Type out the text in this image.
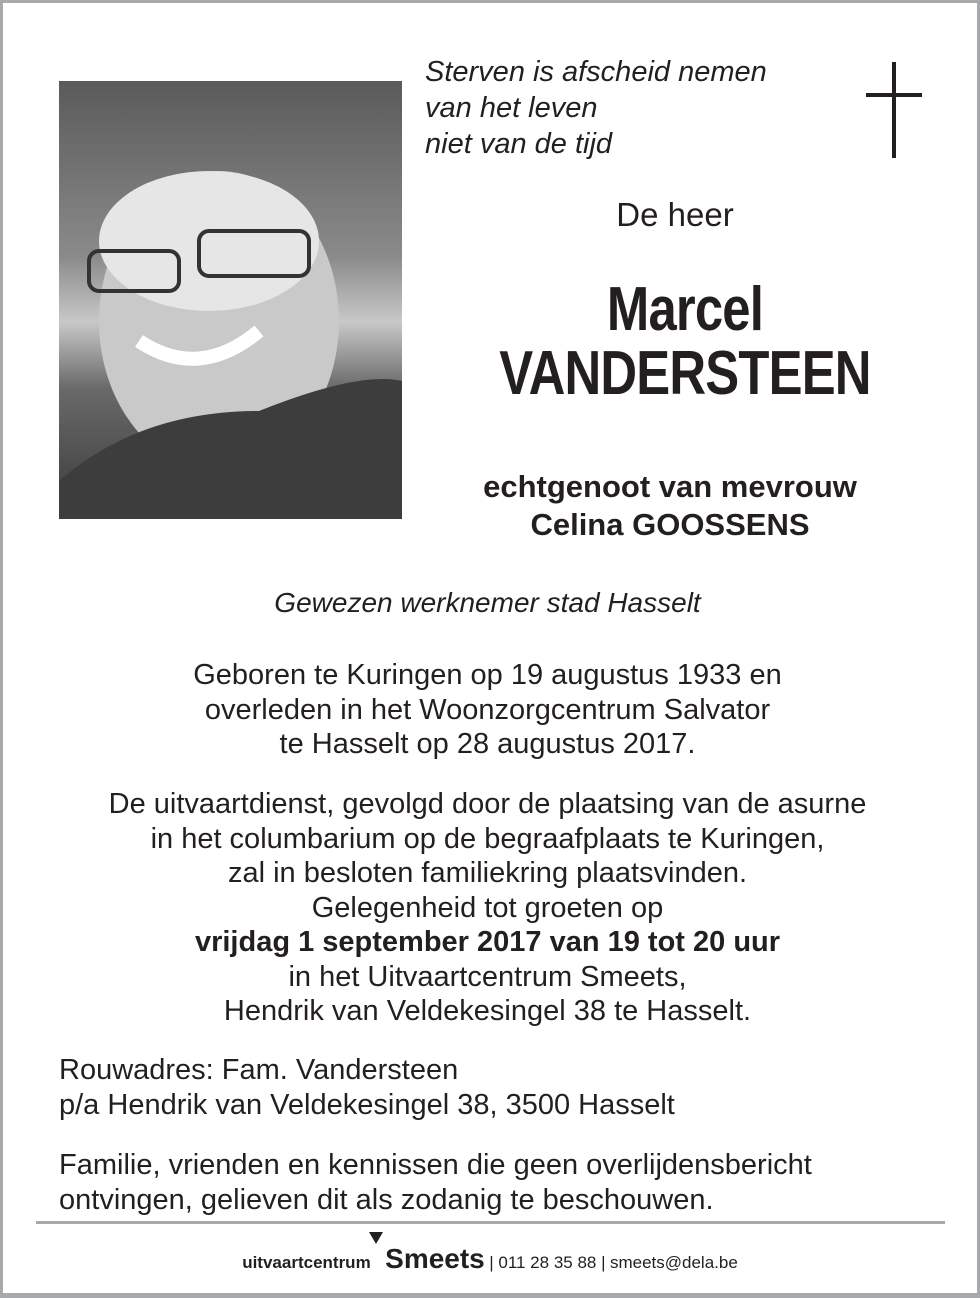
Sterven is afscheid nemen
van het leven
niet van de tijd
De heer
Marcel
VANDERSTEEN
echtgenoot van mevrouw
Celina GOOSSENS
Gewezen werknemer stad Hasselt
Geboren te Kuringen op 19 augustus 1933 en
overleden in het Woonzorgcentrum Salvator
te Hasselt op 28 augustus 2017.
De uitvaartdienst, gevolgd door de plaatsing van de asurne
in het columbarium op de begraafplaats te Kuringen,
zal in besloten familiekring plaatsvinden.
Gelegenheid tot groeten op
vrijdag 1 september 2017 van 19 tot 20 uur
in het Uitvaartcentrum Smeets,
Hendrik van Veldekesingel 38 te Hasselt.
Rouwadres: Fam. Vandersteen
p/a Hendrik van Veldekesingel 38, 3500 Hasselt
Familie, vrienden en kennissen die geen overlijdensbericht
ontvingen, gelieven dit als zodanig te beschouwen.
uitvaartcentrum Smeets | 011 28 35 88 | smeets@dela.be
